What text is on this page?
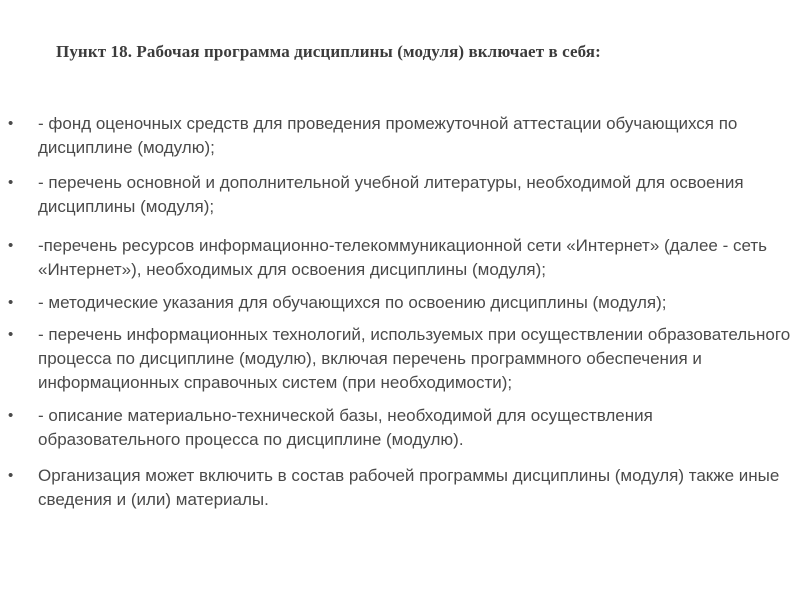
Пункт 18. Рабочая программа дисциплины (модуля) включает в себя:
• - фонд оценочных средств для проведения промежуточной аттестации обучающихся по дисциплине (модулю);
• - перечень основной и дополнительной учебной литературы, необходимой для освоения дисциплины (модуля);
• -перечень ресурсов информационно-телекоммуникационной сети «Интернет» (далее - сеть «Интернет»), необходимых для освоения дисциплины (модуля);
• - методические указания для обучающихся по освоению дисциплины (модуля);
• - перечень информационных технологий, используемых при осуществлении образовательного процесса по дисциплине (модулю), включая перечень программного обеспечения и информационных справочных систем (при необходимости);
• - описание материально-технической базы, необходимой для осуществления образовательного процесса по дисциплине (модулю).
• Организация может включить в состав рабочей программы дисциплины (модуля) также иные сведения и (или) материалы.
